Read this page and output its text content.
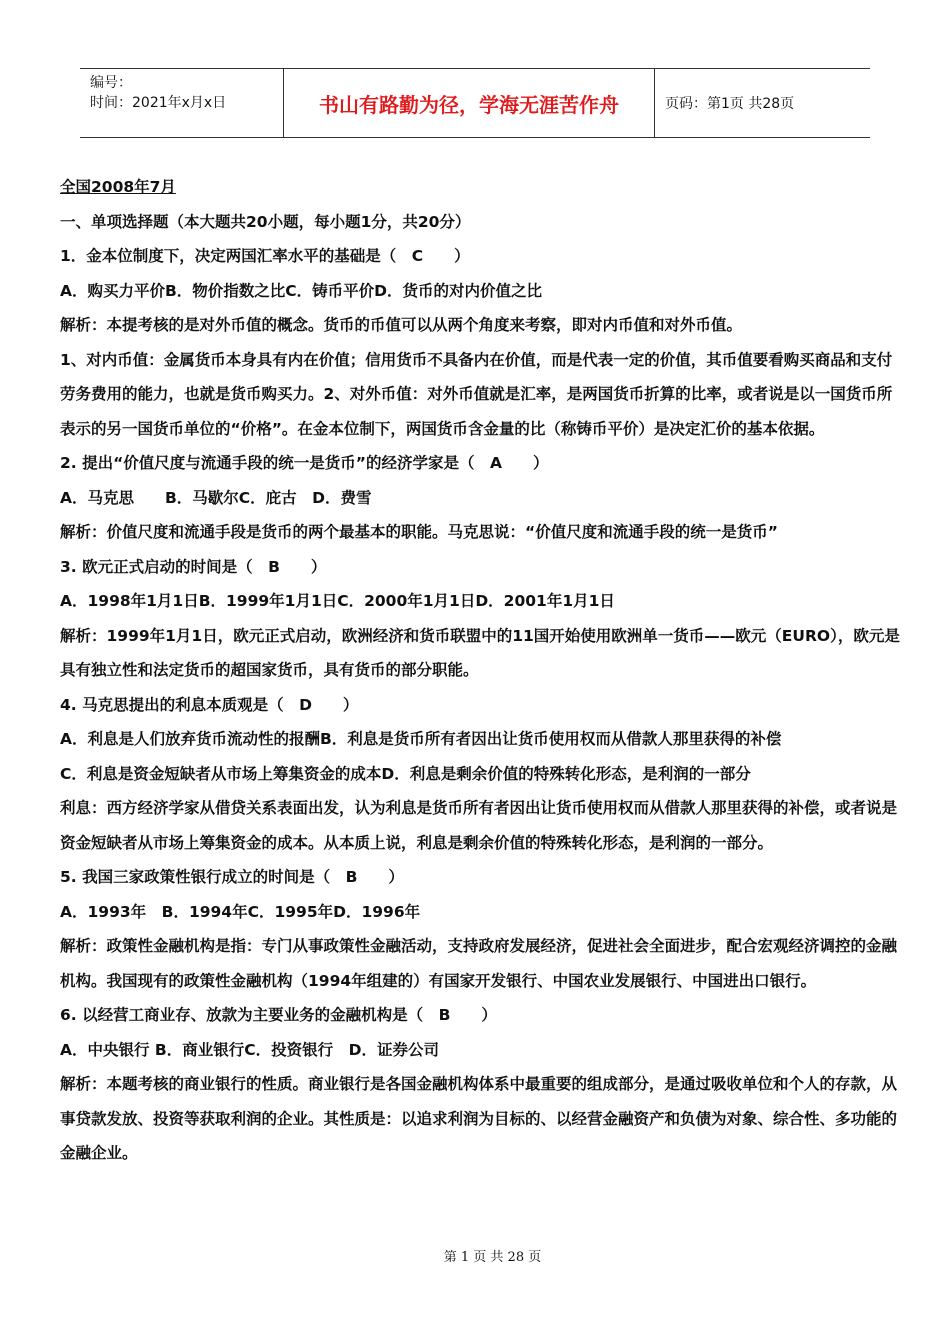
编号：
时间：2021年x月x日	书山有路勤为径，学海无涯苦作舟	页码：第1页 共28页

全国2008年7月

一、单项选择题（本大题共20小题，每小题1分，共20分）

1．金本位制度下，决定两国汇率水平的基础是（　C　　）

A．购买力平价B．物价指数之比C．铸币平价D．货币的对内价值之比

解析：本提考核的是对外币值的概念。货币的币值可以从两个角度来考察，即对内币值和对外币值。

1、对内币值：金属货币本身具有内在价值；信用货币不具备内在价值，而是代表一定的价值，其币值要看购买商品和支付劳务费用的能力，也就是货币购买力。2、对外币值：对外币值就是汇率，是两国货币折算的比率，或者说是以一国货币所表示的另一国货币单位的“价格”。在金本位制下，两国货币含金量的比（称铸币平价）是决定汇价的基本依据。

2. 提出“价值尺度与流通手段的统一是货币”的经济学家是（　A　　）

A．马克思　　B．马歇尔C．庇古　D．费雪

解析：价值尺度和流通手段是货币的两个最基本的职能。马克思说：“价值尺度和流通手段的统一是货币”

3. 欧元正式启动的时间是（　B　　）

A．1998年1月1日B．1999年1月1日C．2000年1月1日D．2001年1月1日

解析：1999年1月1日，欧元正式启动，欧洲经济和货币联盟中的11国开始使用欧洲单一货币——欧元（EURO），欧元是具有独立性和法定货币的超国家货币，具有货币的部分职能。

4. 马克思提出的利息本质观是（　D　　）

A．利息是人们放弃货币流动性的报酬B．利息是货币所有者因出让货币使用权而从借款人那里获得的补偿

C．利息是资金短缺者从市场上筹集资金的成本D．利息是剩余价值的特殊转化形态，是利润的一部分

利息：西方经济学家从借贷关系表面出发，认为利息是货币所有者因出让货币使用权而从借款人那里获得的补偿，或者说是资金短缺者从市场上筹集资金的成本。从本质上说，利息是剩余价值的特殊转化形态，是利润的一部分。

5. 我国三家政策性银行成立的时间是（　B　　）

A．1993年　B．1994年C．1995年D．1996年

解析：政策性金融机构是指：专门从事政策性金融活动，支持政府发展经济，促进社会全面进步，配合宏观经济调控的金融机构。我国现有的政策性金融机构（1994年组建的）有国家开发银行、中国农业发展银行、中国进出口银行。

6. 以经营工商业存、放款为主要业务的金融机构是（　B　　）

A．中央银行 B．商业银行C．投资银行　D．证券公司

解析：本题考核的商业银行的性质。商业银行是各国金融机构体系中最重要的组成部分，是通过吸收单位和个人的存款，从事贷款发放、投资等获取利润的企业。其性质是：以追求利润为目标的、以经营金融资产和负债为对象、综合性、多功能的金融企业。

第 1 页 共 28 页
